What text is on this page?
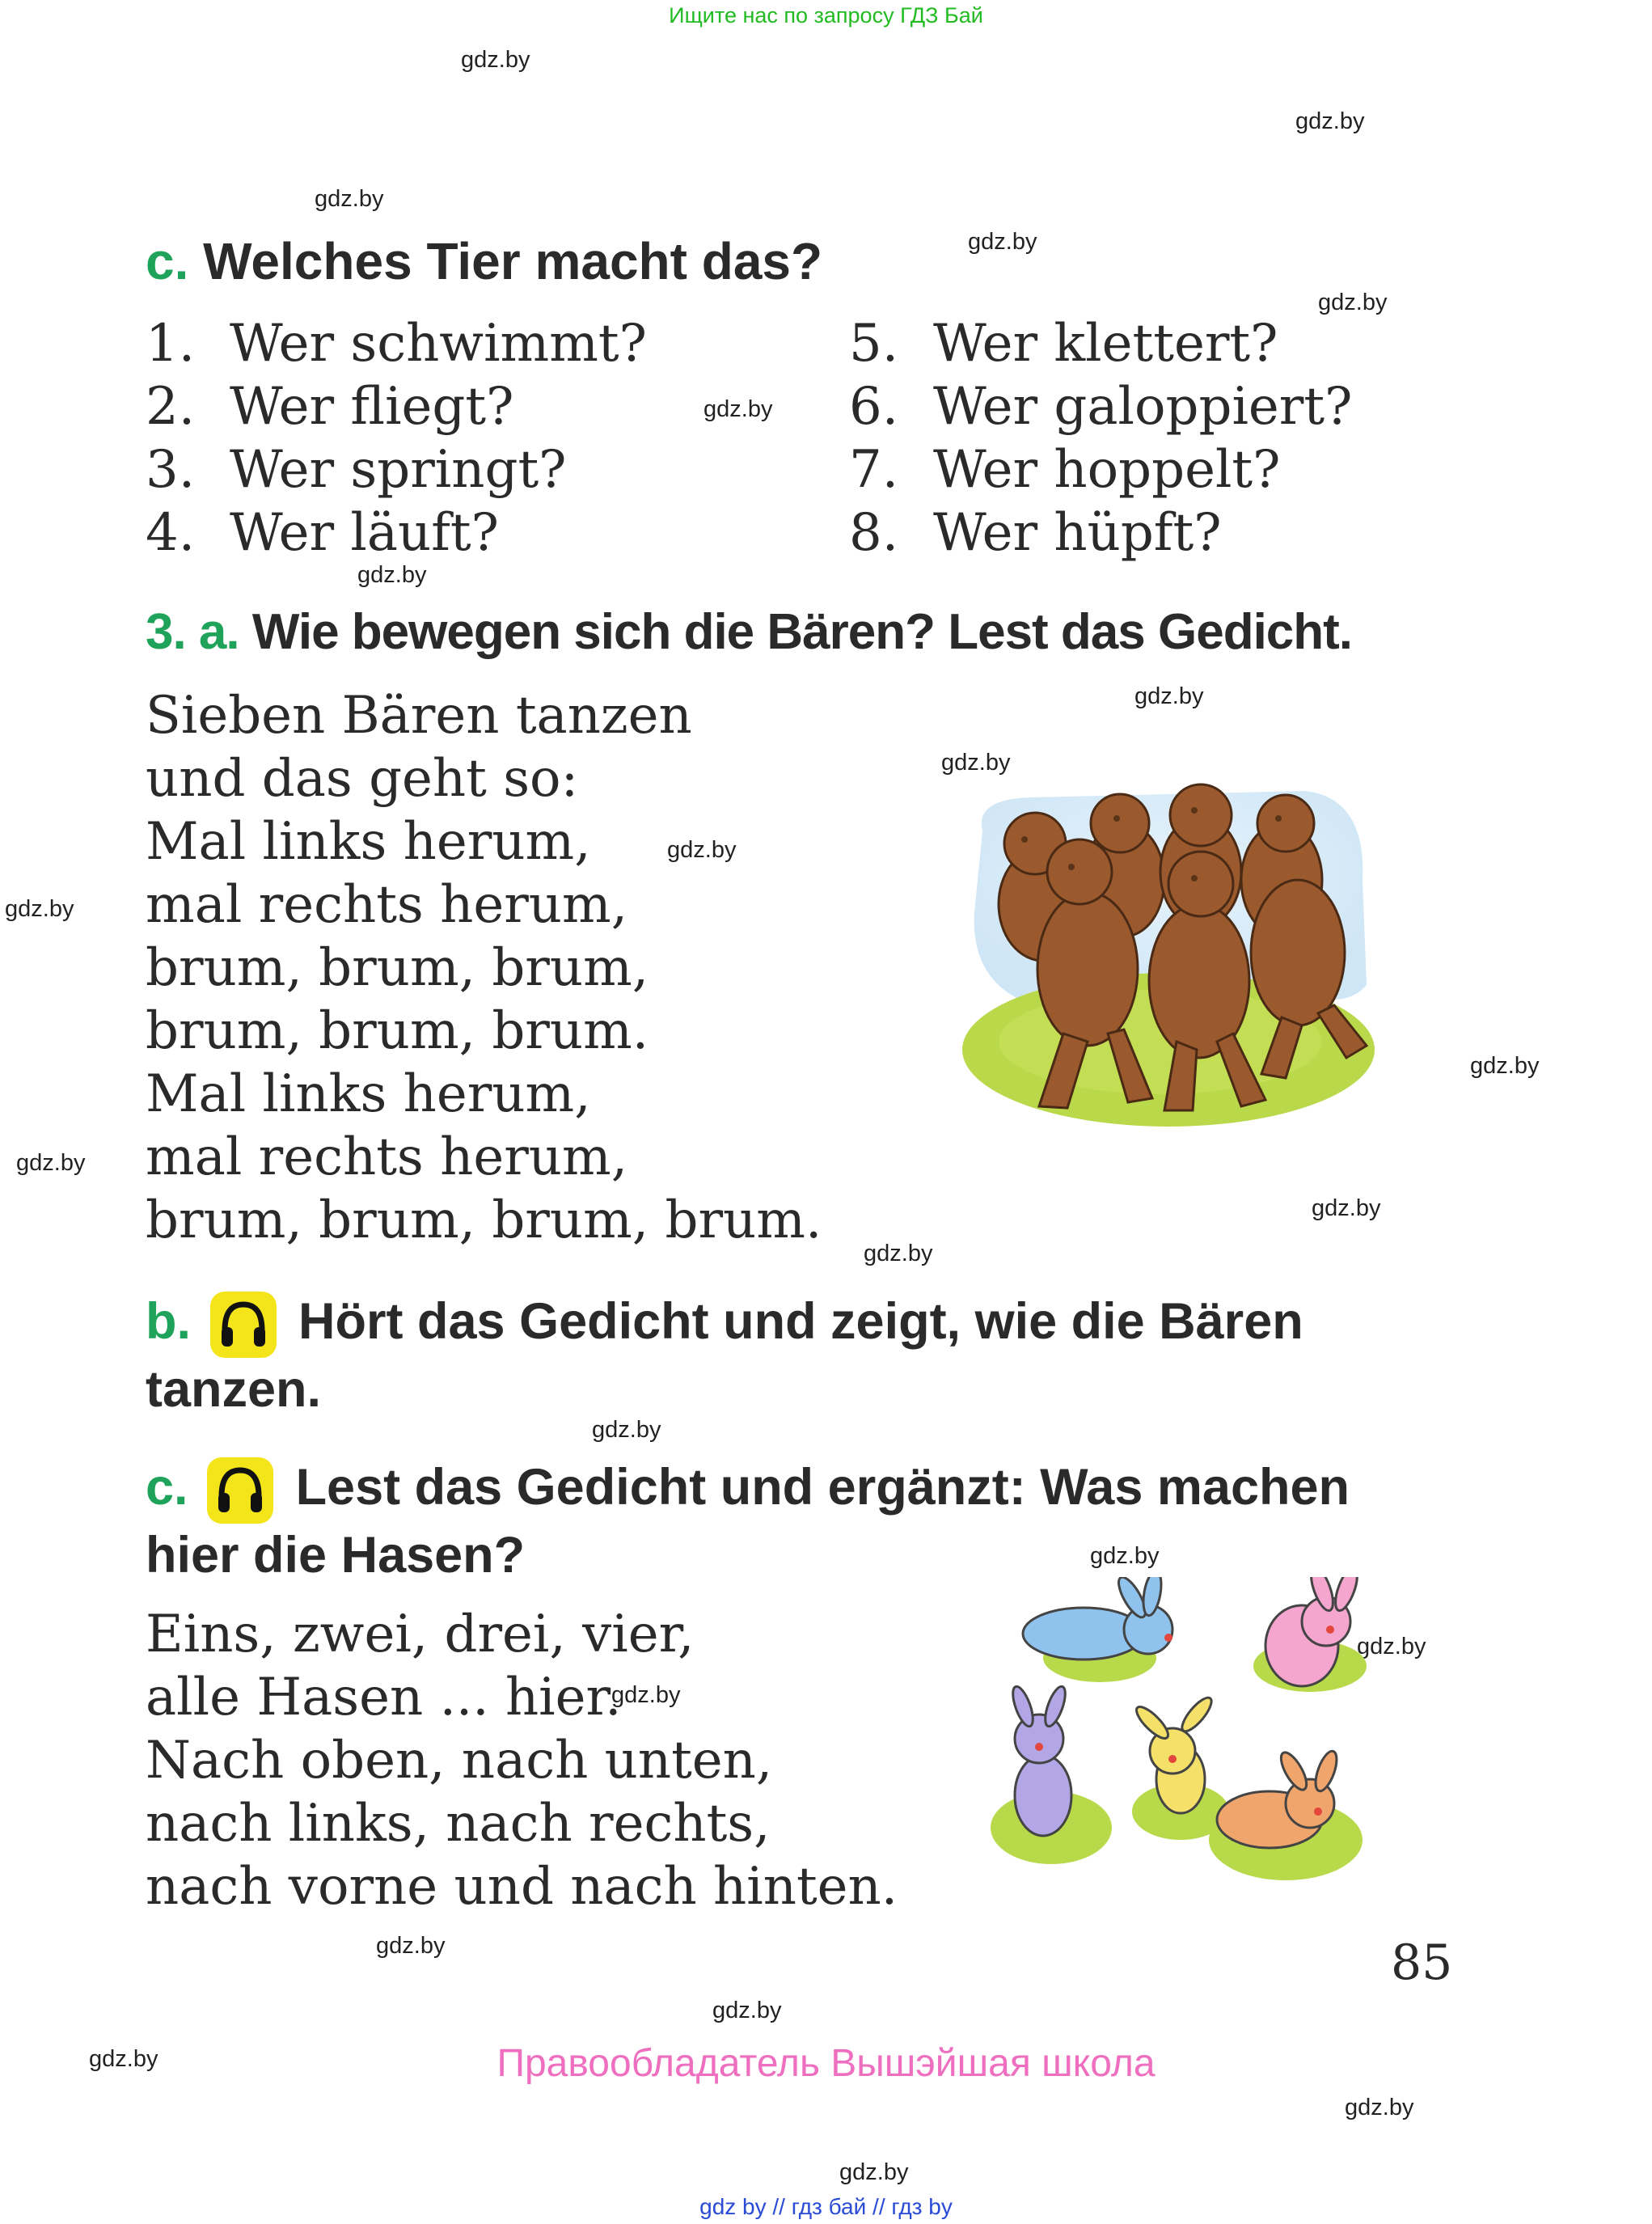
Ищите нас по запросу ГДЗ Бай
gdz.by
gdz.by
gdz.by
gdz.by
gdz.by
gdz.by
gdz.by
gdz.by
gdz.by
gdz.by
gdz.by
gdz.by
gdz.by
gdz.by
gdz.by
gdz.by
gdz.by
gdz.by
gdz.by
gdz.by
gdz.by
gdz.by
gdz.by
gdz.by
c. Welches Tier macht das?
1. Wer schwimmt?
2. Wer fliegt?
3. Wer springt?
4. Wer läuft?
5. Wer klettert?
6. Wer galoppiert?
7. Wer hoppelt?
8. Wer hüpft?
3. a. Wie bewegen sich die Bären? Lest das Gedicht.
Sieben Bären tanzen
und das geht so:
Mal links herum,
mal rechts herum,
brum, brum, brum,
brum, brum, brum.
Mal links herum,
mal rechts herum,
brum, brum, brum, brum.
b. Hört das Gedicht und zeigt, wie die Bären
tanzen.
c. Lest das Gedicht und ergänzt: Was machen
hier die Hasen?
Eins, zwei, drei, vier,
alle Hasen ... hier.
Nach oben, nach unten,
nach links, nach rechts,
nach vorne und nach hinten.
85
Правообладатель Вышэйшая школа
gdz by // гдз бай // гдз by
